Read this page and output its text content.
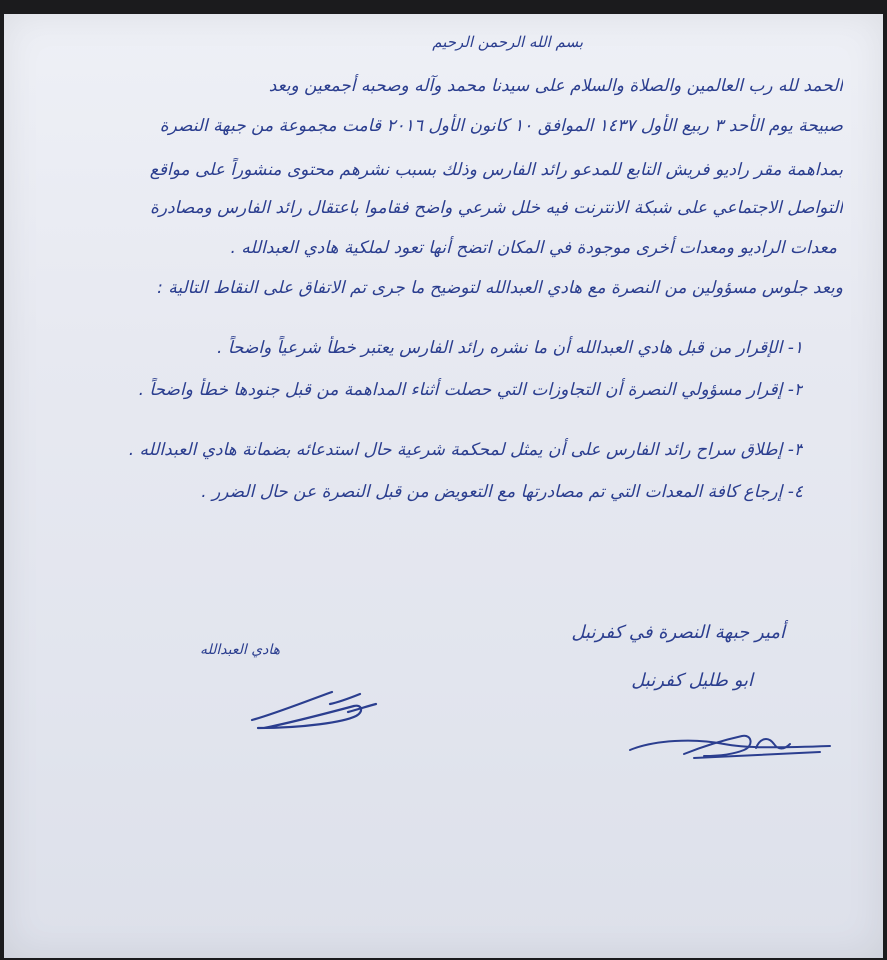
بسم الله الرحمن الرحيم
الحمد لله رب العالمين والصلاة والسلام على سيدنا محمد وآله وصحبه أجمعين وبعد
صبيحة يوم الأحد ٣ ربيع الأول ١٤٣٧ الموافق ١٠ كانون الأول ٢٠١٦ قامت مجموعة من جبهة النصرة
بمداهمة مقر راديو فريش التابع للمدعو رائد الفارس وذلك بسبب نشرهم محتوى منشوراً على مواقع
التواصل الاجتماعي على شبكة الانترنت فيه خلل شرعي واضح فقاموا باعتقال رائد الفارس ومصادرة
معدات الراديو ومعدات أخرى موجودة في المكان اتضح أنها تعود لملكية هادي العبدالله .
وبعد جلوس مسؤولين من النصرة مع هادي العبدالله لتوضيح ما جرى تم الاتفاق على النقاط التالية :
١- الإقرار من قبل هادي العبدالله أن ما نشره رائد الفارس يعتبر خطأً شرعياً واضحاً .
٢- إقرار مسؤولي النصرة أن التجاوزات التي حصلت أثناء المداهمة من قبل جنودها خطأً واضحاً .
٣- إطلاق سراح رائد الفارس على أن يمثل لمحكمة شرعية حال استدعائه بضمانة هادي العبدالله .
٤- إرجاع كافة المعدات التي تم مصادرتها مع التعويض من قبل النصرة عن حال الضرر .
أمير جبهة النصرة في كفرنبل
ابو طليل كفرنبل
هادي العبدالله
